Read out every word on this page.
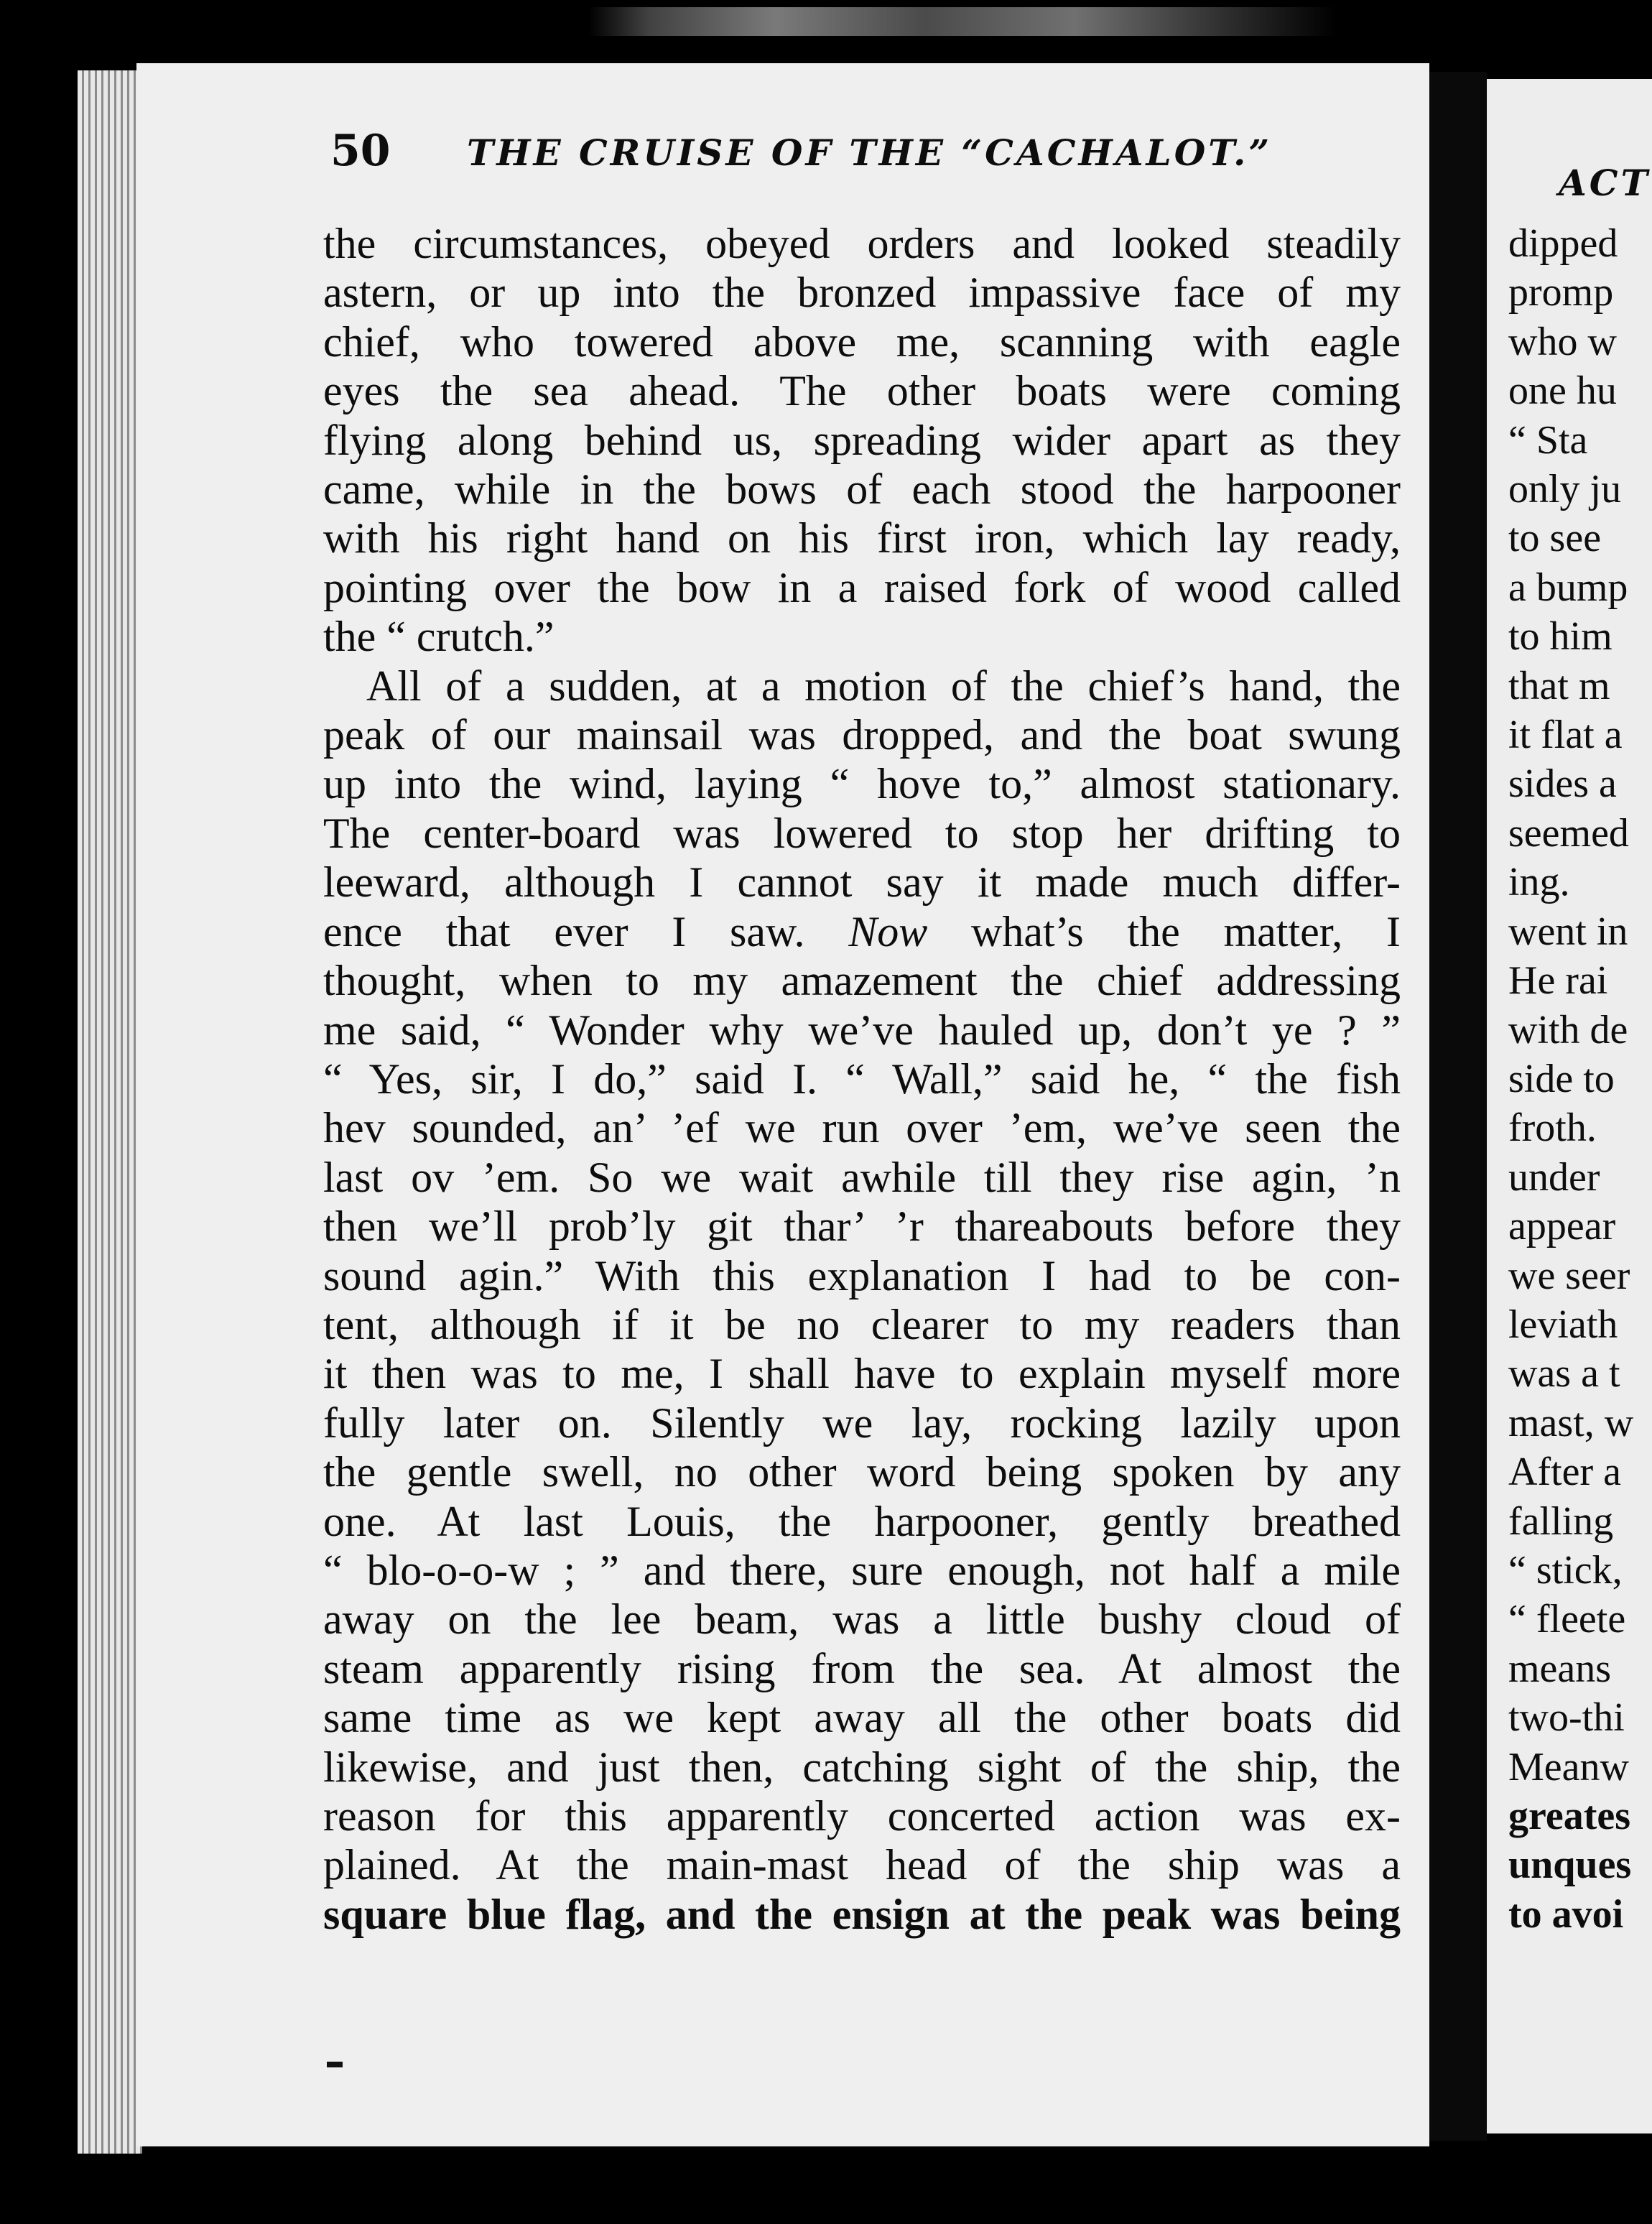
50 THE CRUISE OF THE “CACHALOT.”
the circumstances, obeyed orders and looked steadily
astern, or up into the bronzed impassive face of my
chief, who towered above me, scanning with eagle
eyes the sea ahead. The other boats were coming
flying along behind us, spreading wider apart as they
came, while in the bows of each stood the harpooner
with his right hand on his first iron, which lay ready,
pointing over the bow in a raised fork of wood called
the “ crutch.”
All of a sudden, at a motion of the chief’s hand, the
peak of our mainsail was dropped, and the boat swung
up into the wind, laying “ hove to,” almost stationary.
The center-board was lowered to stop her drifting to
leeward, although I cannot say it made much differ-
ence that ever I saw. Now what’s the matter, I
thought, when to my amazement the chief addressing
me said, “ Wonder why we’ve hauled up, don’t ye ? ”
“ Yes, sir, I do,” said I. “ Wall,” said he, “ the fish
hev sounded, an’ ’ef we run over ’em, we’ve seen the
last ov ’em. So we wait awhile till they rise agin, ’n
then we’ll prob’ly git thar’ ’r thareabouts before they
sound agin.” With this explanation I had to be con-
tent, although if it be no clearer to my readers than
it then was to me, I shall have to explain myself more
fully later on. Silently we lay, rocking lazily upon
the gentle swell, no other word being spoken by any
one. At last Louis, the harpooner, gently breathed
“ blo-o-o-w ; ” and there, sure enough, not half a mile
away on the lee beam, was a little bushy cloud of
steam apparently rising from the sea. At almost the
same time as we kept away all the other boats did
likewise, and just then, catching sight of the ship, the
reason for this apparently concerted action was ex-
plained. At the main-mast head of the ship was a
square blue flag, and the ensign at the peak was being
ACT
dipped
promp
who w
one hu
“ Sta
only ju
to see
a bump
to him
that m
it flat a
sides a
seemed
ing.
went in
He rai
with de
side to
froth.
under
appear
we seer
leviath
was a t
mast, w
After a
falling
“ stick,
“ fleete
means
two-thi
Meanw
greates
unques
to avoi
